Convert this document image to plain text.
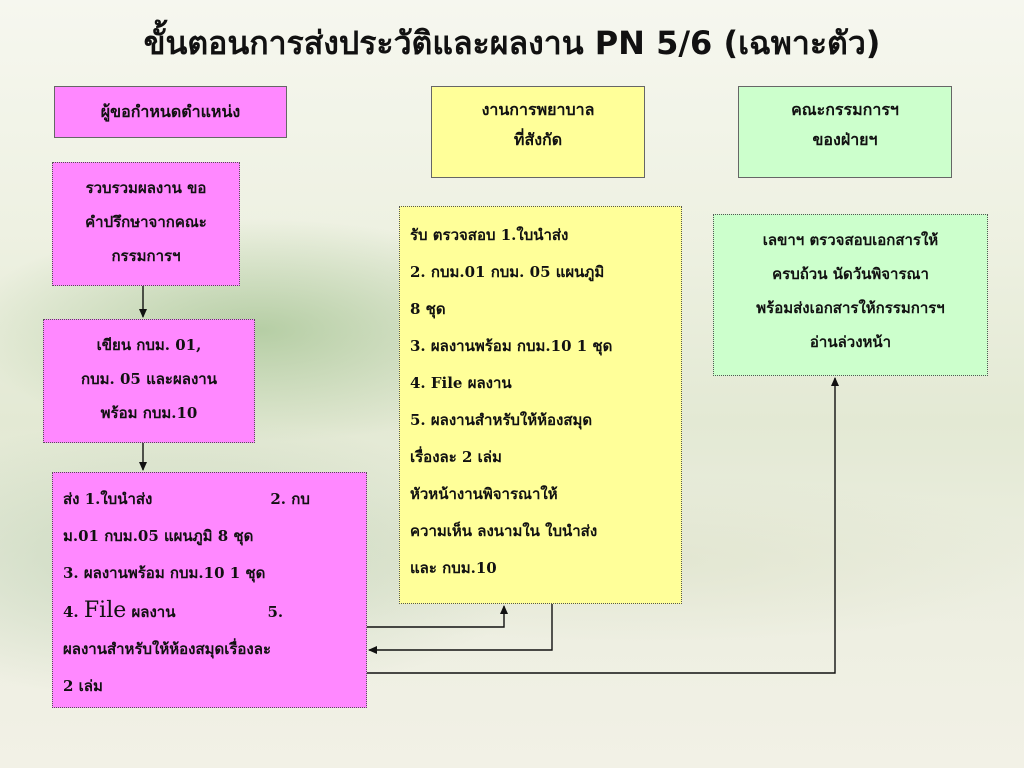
ขั้นตอนการส่งประวัติและผลงาน PN 5/6 (เฉพาะตัว)
ผู้ขอกำหนดตำแหน่ง	งานการพยาบาล
ที่สังกัด
คณะกรรมการฯ
ของฝ่ายฯ
รวบรวมผลงาน ขอ
คำปรึกษาจากคณะ
กรรมการฯ
เขียน กบม. 01,
กบม. 05 และผลงาน
พร้อม กบม.10
ส่ง 1.ใบนำส่ง	2. กบ
ม.01 กบม.05 แผนภูมิ 8 ชุด
3. ผลงานพร้อม กบม.10 1 ชุด
4. File ผลงาน	5.
ผลงานสำหรับให้ห้องสมุดเรื่องละ
2 เล่ม
รับ ตรวจสอบ 1.ใบนำส่ง
2. กบม.01 กบม. 05 แผนภูมิ
8 ชุด
3. ผลงานพร้อม กบม.10 1 ชุด
4. File ผลงาน
5. ผลงานสำหรับให้ห้องสมุด
เรื่องละ 2 เล่ม
หัวหน้างานพิจารณาให้
ความเห็น ลงนามใน ใบนำส่ง
และ กบม.10
เลขาฯ ตรวจสอบเอกสารให้
ครบถ้วน นัดวันพิจารณา
พร้อมส่งเอกสารให้กรรมการฯ
อ่านล่วงหน้า
